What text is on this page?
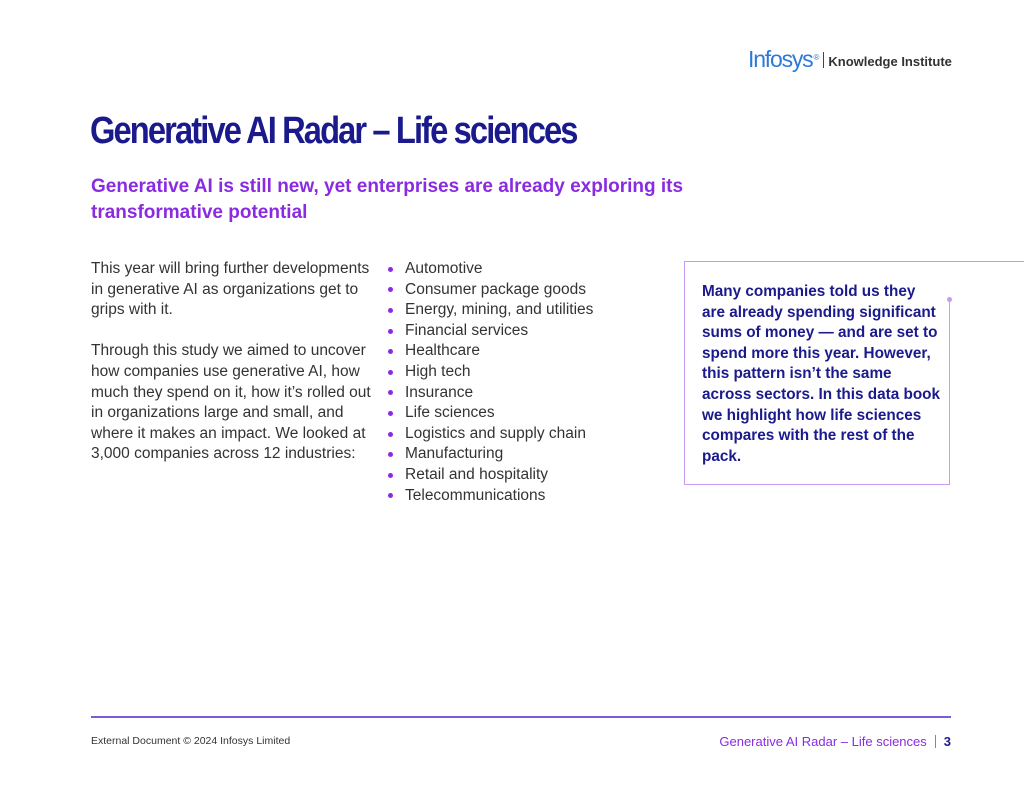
Infosys ® Knowledge Institute
Generative AI Radar – Life sciences
Generative AI is still new, yet enterprises are already exploring its transformative potential

This year will bring further developments in generative AI as organizations get to grips with it.

Through this study we aimed to uncover how companies use generative AI, how much they spend on it, how it’s rolled out in organizations large and small, and where it makes an impact. We looked at 3,000 companies across 12 industries:

Automotive
Consumer package goods
Energy, mining, and utilities
Financial services
Healthcare
High tech
Insurance
Life sciences
Logistics and supply chain
Manufacturing
Retail and hospitality
Telecommunications

Many companies told us they are already spending significant sums of money — and are set to spend more this year. However, this pattern isn’t the same across sectors. In this data book we highlight how life sciences compares with the rest of the pack.

External Document © 2024 Infosys Limited	Generative AI Radar – Life sciences 3
